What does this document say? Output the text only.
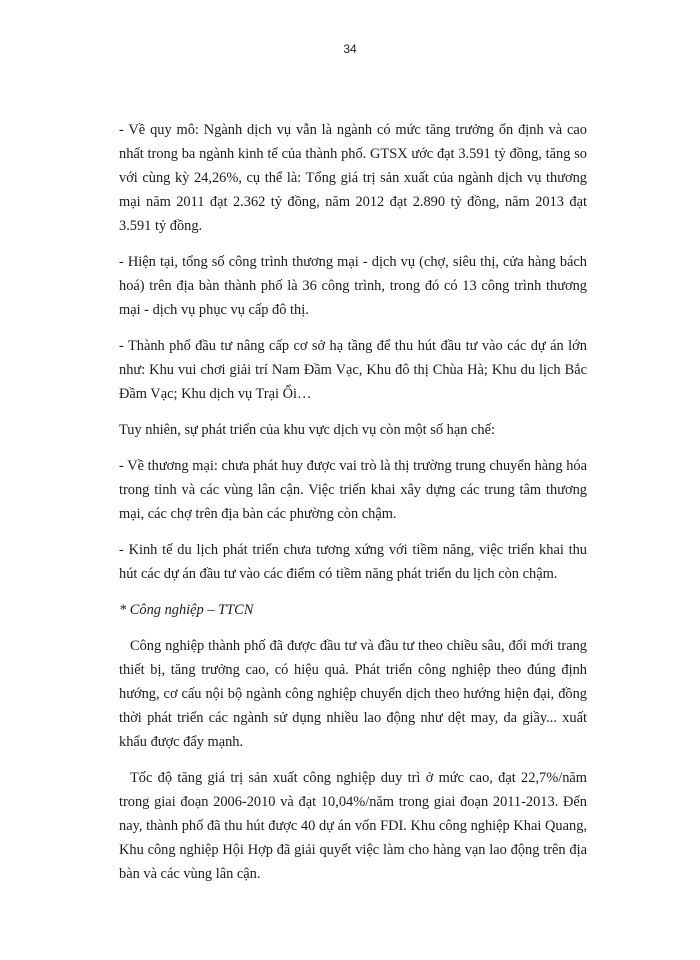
34

- Về quy mô: Ngành dịch vụ vẫn là ngành có mức tăng trưởng ổn định và cao nhất trong ba ngành kinh tế của thành phố. GTSX ước đạt 3.591 tỷ đồng, tăng so với cùng kỳ 24,26%, cụ thể là: Tổng giá trị sản xuất của ngành dịch vụ thương mại năm 2011 đạt 2.362 tỷ đồng, năm 2012 đạt 2.890 tỷ đồng, năm 2013 đạt 3.591 tỷ đồng.

- Hiện tại, tổng số công trình thương mại - dịch vụ (chợ, siêu thị, cửa hàng bách hoá) trên địa bàn thành phố là 36 công trình, trong đó có 13 công trình thương mại - dịch vụ phục vụ cấp đô thị.

- Thành phố đầu tư nâng cấp cơ sở hạ tầng để thu hút đầu tư vào các dự án lớn như: Khu vui chơi giải trí Nam Đầm Vạc, Khu đô thị Chùa Hà; Khu du lịch Bắc Đầm Vạc; Khu dịch vụ Trại Ổi…

Tuy nhiên, sự phát triển của khu vực dịch vụ còn một số hạn chế:

- Về thương mại: chưa phát huy được vai trò là thị trường trung chuyển hàng hóa trong tỉnh và các vùng lân cận. Việc triển khai xây dựng các trung tâm thương mại, các chợ trên địa bàn các phường còn chậm.

- Kinh tế du lịch phát triển chưa tương xứng với tiềm năng, việc triển khai thu hút các dự án đầu tư vào các điểm có tiềm năng phát triển du lịch còn chậm.

* Công nghiệp – TTCN

Công nghiệp thành phố đã được đầu tư và đầu tư theo chiều sâu, đổi mới trang thiết bị, tăng trưởng cao, có hiệu quả. Phát triển công nghiệp theo đúng định hướng, cơ cấu nội bộ ngành công nghiệp chuyển dịch theo hướng hiện đại, đồng thời phát triển các ngành sử dụng nhiều lao động như dệt may, da giầy... xuất khẩu được đẩy mạnh.

Tốc độ tăng giá trị sản xuất công nghiệp duy trì ở mức cao, đạt 22,7%/năm trong giai đoạn 2006-2010 và đạt 10,04%/năm trong giai đoạn 2011-2013. Đến nay, thành phố đã thu hút được 40 dự án vốn FDI. Khu công nghiệp Khai Quang, Khu công nghiệp Hội Hợp đã giải quyết việc làm cho hàng vạn lao động trên địa bàn và các vùng lân cận.
